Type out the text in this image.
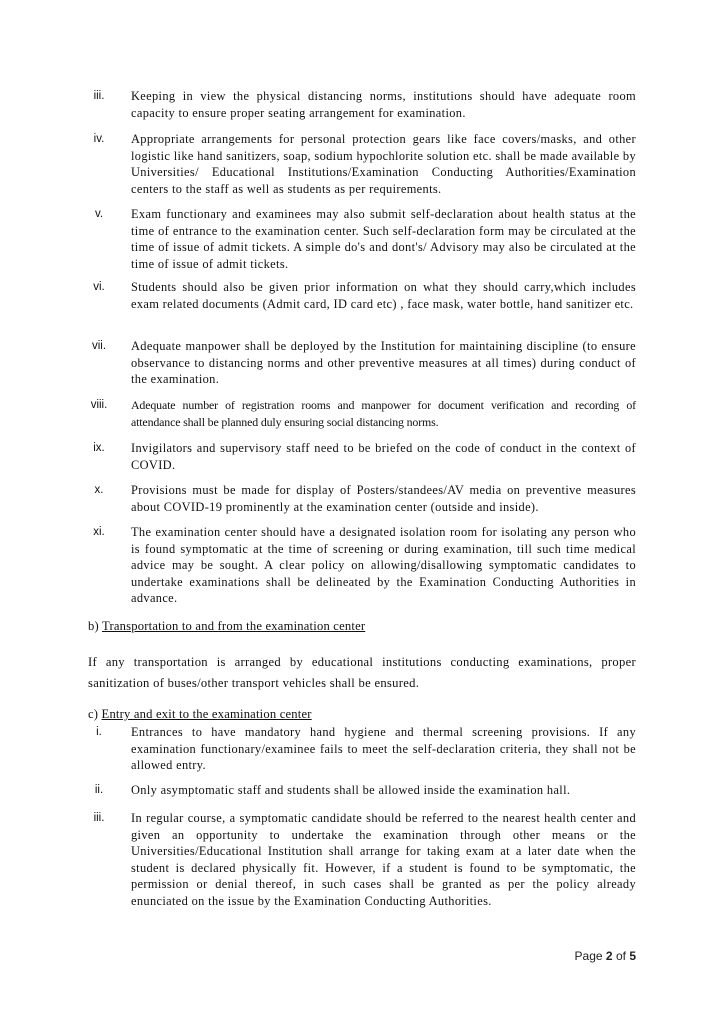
iii.	Keeping in view the physical distancing norms, institutions should have adequate room capacity to ensure proper seating arrangement for examination.
iv.	Appropriate arrangements for personal protection gears like face covers/masks, and other logistic like hand sanitizers, soap, sodium hypochlorite solution etc. shall be made available by Universities/ Educational Institutions/Examination Conducting Authorities/Examination centers to the staff as well as students as per requirements.
v.	Exam functionary and examinees may also submit self-declaration about health status at the time of entrance to the examination center. Such self-declaration form may be circulated at the time of issue of admit tickets. A simple do's and dont's/ Advisory may also be circulated at the time of issue of admit tickets.
vi.	Students should also be given prior information on what they should carry,which includes exam related documents (Admit card, ID card etc) , face mask, water bottle, hand sanitizer etc.
vii.	Adequate manpower shall be deployed by the Institution for maintaining discipline (to ensure observance to distancing norms and other preventive measures at all times) during conduct of the examination.
viii.	Adequate number of registration rooms and manpower for document verification and recording of attendance shall be planned duly ensuring social distancing norms.
ix.	Invigilators and supervisory staff need to be briefed on the code of conduct in the context of COVID.
x.	Provisions must be made for display of Posters/standees/AV media on preventive measures about COVID-19 prominently at the examination center (outside and inside).
xi.	The examination center should have a designated isolation room for isolating any person who is found symptomatic at the time of screening or during examination, till such time medical advice may be sought. A clear policy on allowing/disallowing symptomatic candidates to undertake examinations shall be delineated by the Examination Conducting Authorities in advance.
b) Transportation to and from the examination center
If any transportation is arranged by educational institutions conducting examinations, proper sanitization of buses/other transport vehicles shall be ensured.
c) Entry and exit to the examination center
i.	Entrances to have mandatory hand hygiene and thermal screening provisions. If any examination functionary/examinee fails to meet the self-declaration criteria, they shall not be allowed entry.
ii.	Only asymptomatic staff and students shall be allowed inside the examination hall.
iii.	In regular course, a symptomatic candidate should be referred to the nearest health center and given an opportunity to undertake the examination through other means or the Universities/Educational Institution shall arrange for taking exam at a later date when the student is declared physically fit. However, if a student is found to be symptomatic, the permission or denial thereof, in such cases shall be granted as per the policy already enunciated on the issue by the Examination Conducting Authorities.
Page 2 of 5
